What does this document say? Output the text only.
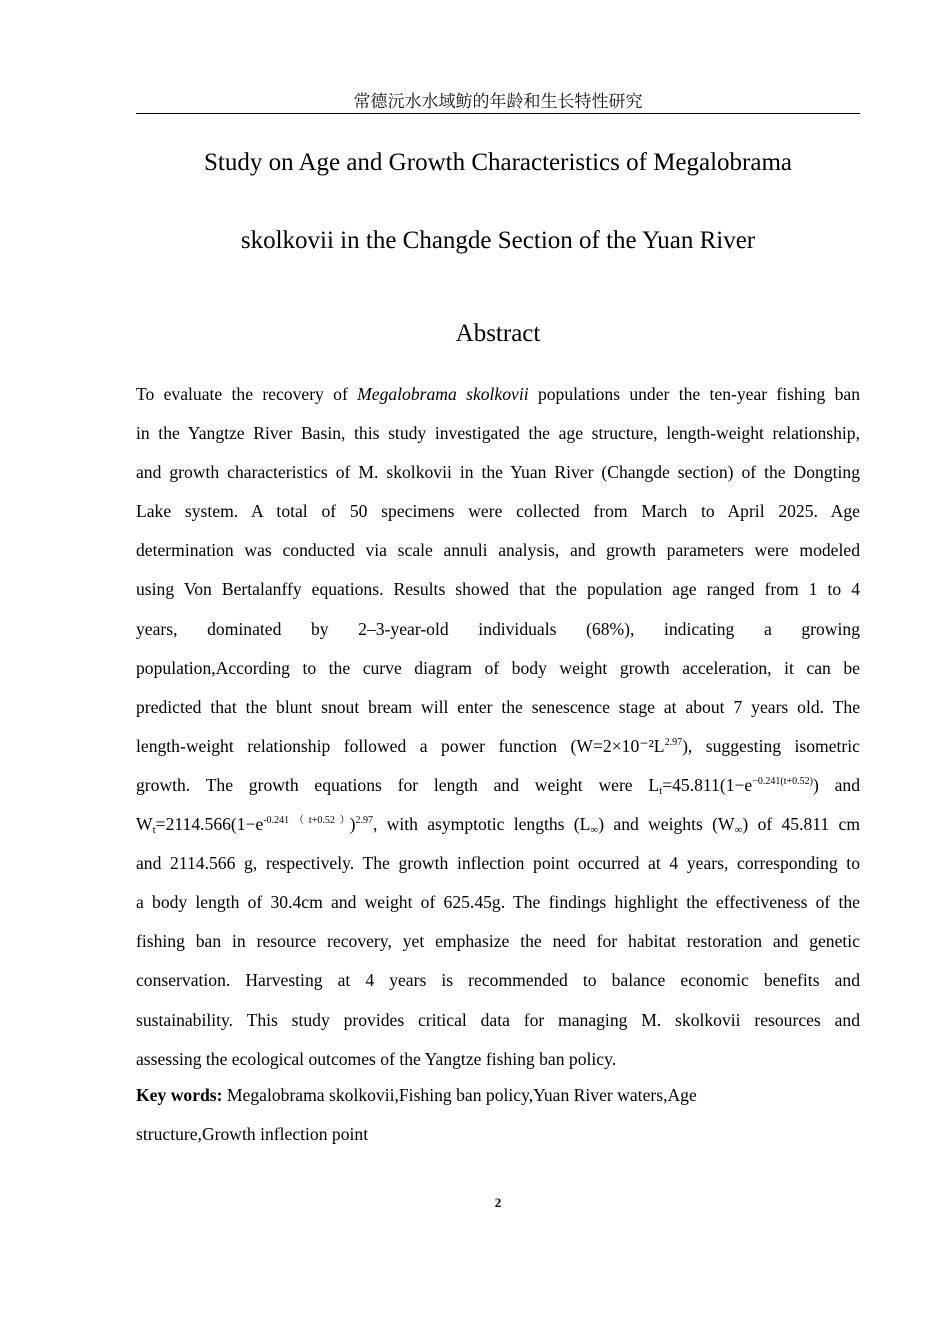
常德沅水水域鲂的年龄和生长特性研究
Study on Age and Growth Characteristics of Megalobrama
skolkovii in the Changde Section of the Yuan River
Abstract
To evaluate the recovery of Megalobrama skolkovii populations under the ten-year fishing ban
in the Yangtze River Basin, this study investigated the age structure, length-weight relationship,
and growth characteristics of M. skolkovii in the Yuan River (Changde section) of the Dongting
Lake system. A total of 50 specimens were collected from March to April 2025. Age
determination was conducted via scale annuli analysis, and growth parameters were modeled
using Von Bertalanffy equations. Results showed that the population age ranged from 1 to 4
years, dominated by 2–3-year-old individuals (68%), indicating a growing
population,According to the curve diagram of body weight growth acceleration, it can be
predicted that the blunt snout bream will enter the senescence stage at about 7 years old. The
length-weight relationship followed a power function $(W=2\times 10^{-2}L^{2.97})$, suggesting isometric
growth. The growth equations for length and weight were $L_t=45.811(1-e^{-0.241(t+0.52)})$ and
$W_t=2114.566(1-e^{-0.241(t+0.52)})^{2.97}$, with asymptotic lengths $(L_\infty)$ and weights $(W_\infty)$ of 45.811 cm
and 2114.566 g, respectively. The growth inflection point occurred at 4 years, corresponding to
a body length of 30.4cm and weight of 625.45g. The findings highlight the effectiveness of the
fishing ban in resource recovery, yet emphasize the need for habitat restoration and genetic
conservation. Harvesting at 4 years is recommended to balance economic benefits and
sustainability. This study provides critical data for managing M. skolkovii resources and
assessing the ecological outcomes of the Yangtze fishing ban policy.
Key words: Megalobrama skolkovii,Fishing ban policy,Yuan River waters,Age
structure,Growth inflection point
2
